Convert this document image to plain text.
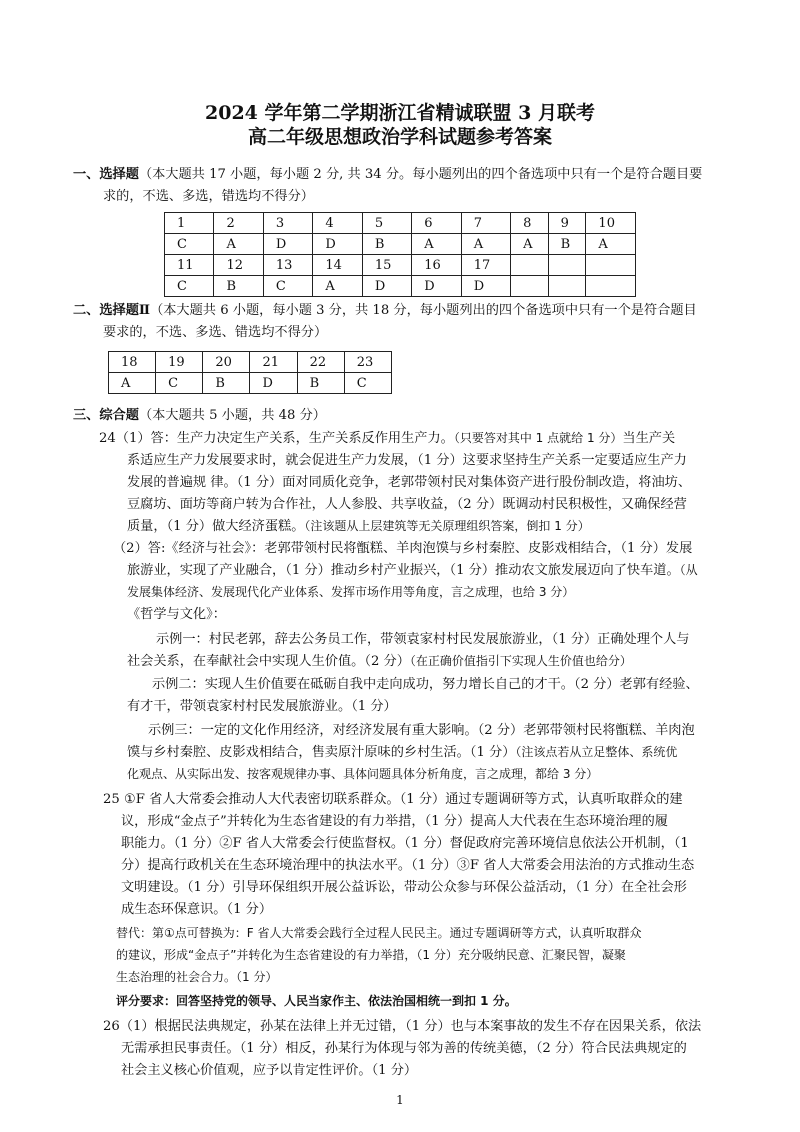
2024 学年第二学期浙江省精诚联盟 3 月联考
高二年级思想政治学科试题参考答案
一、选择题（本大题共 17 小题，每小题 2 分, 共 34 分。每小题列出的四个备选项中只有一个是符合题目要
求的，不选、多选，错选均不得分）
1	2	3	4	5	6	7	8	9	10
C	A	D	D	B	A	A	A	B	A
11	12	13	14	15	16	17			
C	B	C	A	D	D	D			
二、选择题Ⅱ（本大题共 6 小题，每小题 3 分，共 18 分，每小题列出的四个备选项中只有一个是符合题目
要求的，不选、多选、错选均不得分）
18	19	20	21	22	23
A	C	B	D	B	C
三、综合题（本大题共 5 小题，共 48 分）
24（1）答：生产力决定生产关系，生产关系反作用生产力。（只要答对其中 1 点就给 1 分）当生产关
系适应生产力发展要求时，就会促进生产力发展，（1 分）这要求坚持生产关系一定要适应生产力
发展的普遍规 律。（1 分）面对同质化竞争，老郭带领村民对集体资产进行股份制改造，将油坊、
豆腐坊、面坊等商户转为合作社，人人参股、共享收益，（2 分）既调动村民积极性，又确保经营
质量，（1 分）做大经济蛋糕。（注该题从上层建筑等无关原理组织答案，倒扣 1 分）
（2）答:《经济与社会》：老郭带领村民将甑糕、羊肉泡馍与乡村秦腔、皮影戏相结合，（1 分）发展
旅游业，实现了产业融合，（1 分）推动乡村产业振兴，（1 分）推动农文旅发展迈向了快车道。（从
发展集体经济、发展现代化产业体系、发挥市场作用等角度，言之成理，也给 3 分）
《哲学与文化》：
示例一：村民老郭，辞去公务员工作，带领袁家村村民发展旅游业，（1 分）正确处理个人与
社会关系，在奉献社会中实现人生价值。（2 分）（在正确价值指引下实现人生价值也给分）
示例二：实现人生价值要在砥砺自我中走向成功，努力增长自己的才干。（2 分）老郭有经验、
有才干，带领袁家村村民发展旅游业。（1 分）
示例三：一定的文化作用经济，对经济发展有重大影响。（2 分）老郭带领村民将甑糕、羊肉泡
馍与乡村秦腔、皮影戏相结合，售卖原汁原味的乡村生活。（1 分）（注该点若从立足整体、系统优
化观点、从实际出发、按客观规律办事、具体问题具体分析角度，言之成理，都给 3 分）
25 ①F 省人大常委会推动人大代表密切联系群众。（1 分）通过专题调研等方式，认真听取群众的建
议，形成“金点子”并转化为生态省建设的有力举措，（1 分）提高人大代表在生态环境治理的履
职能力。（1 分）②F 省人大常委会行使监督权。（1 分）督促政府完善环境信息依法公开机制，（1
分）提高行政机关在生态环境治理中的执法水平。（1 分）③F 省人大常委会用法治的方式推动生态
文明建设。（1 分）引导环保组织开展公益诉讼，带动公众参与环保公益活动，（1 分）在全社会形
成生态环保意识。（1 分）
替代：第①点可替换为：F 省人大常委会践行全过程人民民主。通过专题调研等方式，认真听取群众
的建议，形成“金点子”并转化为生态省建设的有力举措，（1 分）充分吸纳民意、汇聚民智，凝聚
生态治理的社会合力。（1 分）
评分要求：回答坚持党的领导、人民当家作主、依法治国相统一到扣 1 分。
26（1）根据民法典规定，孙某在法律上并无过错，（1 分）也与本案事故的发生不存在因果关系，依法
无需承担民事责任。（1 分）相反，孙某行为体现与邻为善的传统美德，（2 分）符合民法典规定的
社会主义核心价值观，应予以肯定性评价。（1 分）
1
